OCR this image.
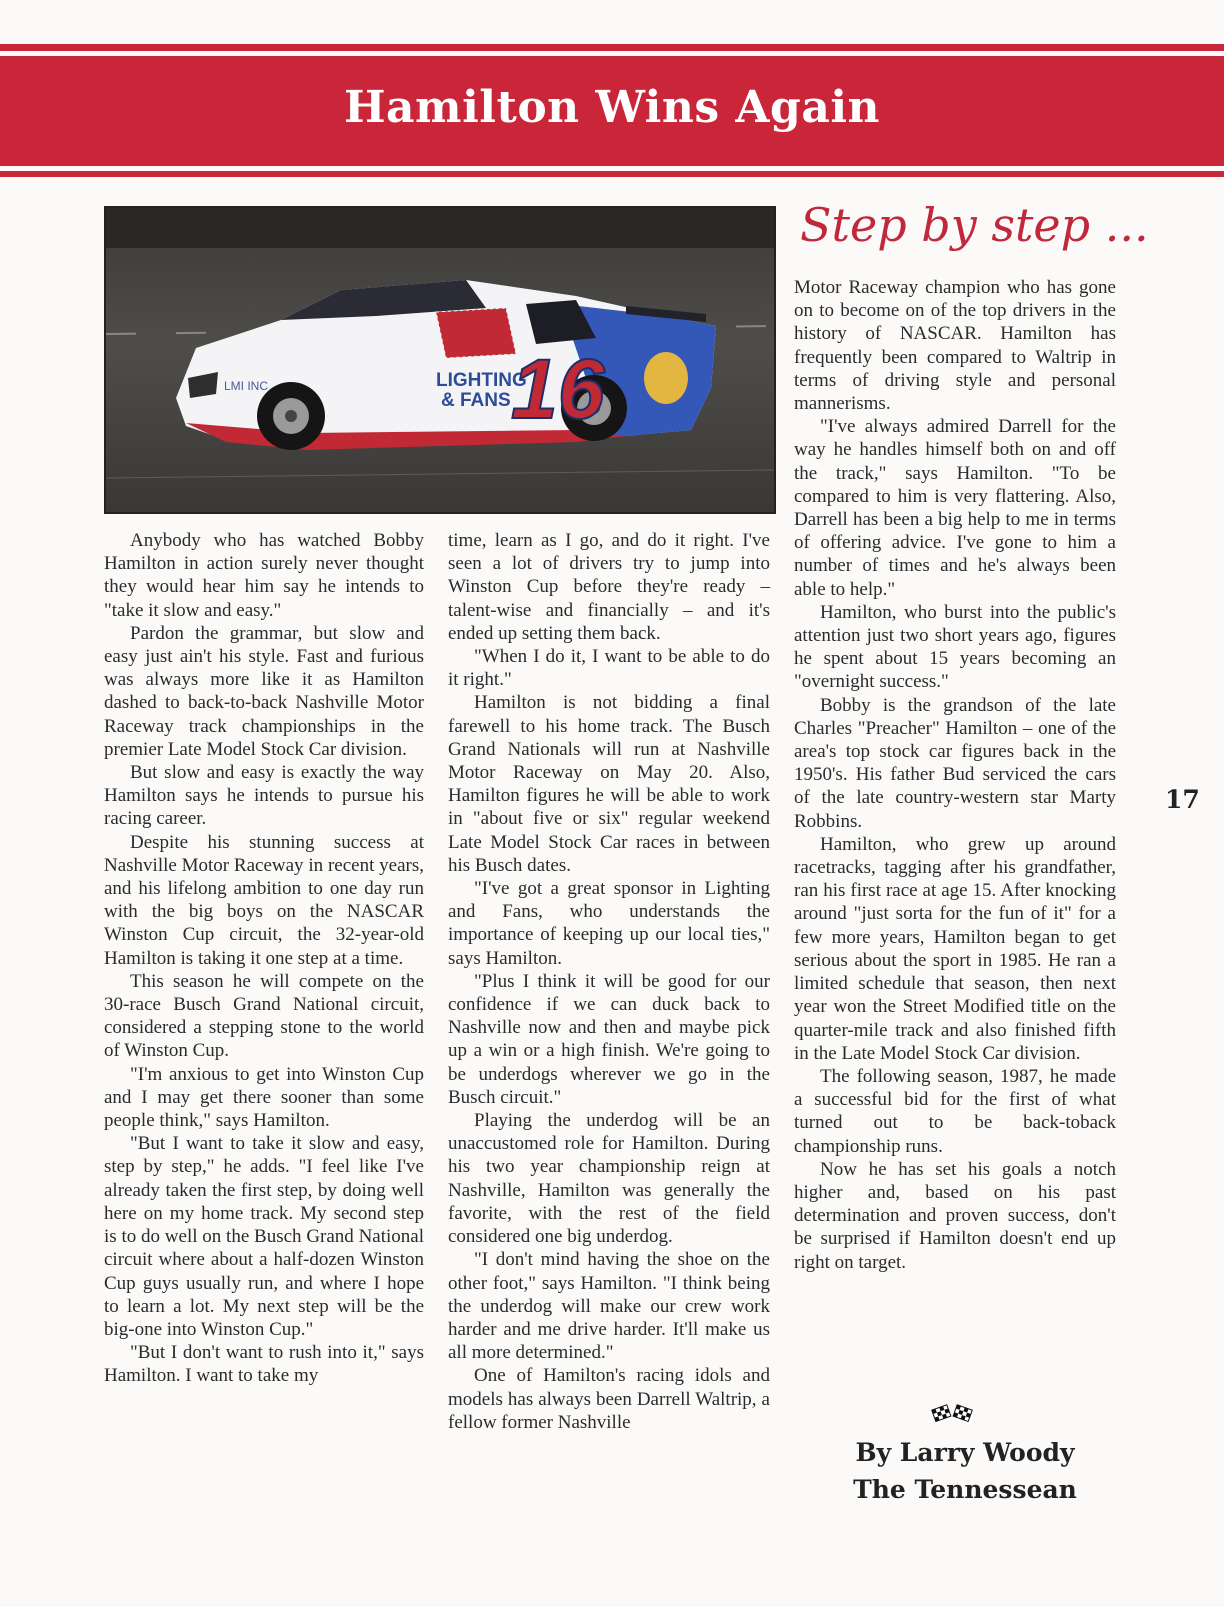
Hamilton Wins Again
LIGHTING
& FANS 16
LMI INC
Step by step ...

Anybody who has watched Bobby Hamilton in action surely never thought they would hear him say he intends to "take it slow and easy."

Pardon the grammar, but slow and easy just ain't his style. Fast and furious was always more like it as Hamilton dashed to back-to-back Nashville Motor Raceway track championships in the premier Late Model Stock Car division.

But slow and easy is exactly the way Hamilton says he intends to pursue his racing career.

Despite his stunning success at Nashville Motor Raceway in recent years, and his lifelong ambition to one day run with the big boys on the NASCAR Winston Cup circuit, the 32-year-old Hamilton is taking it one step at a time.

This season he will compete on the 30-race Busch Grand National circuit, considered a stepping stone to the world of Winston Cup.

"I'm anxious to get into Winston Cup and I may get there sooner than some people think," says Hamilton.

"But I want to take it slow and easy, step by step," he adds. "I feel like I've already taken the first step, by doing well here on my home track. My second step is to do well on the Busch Grand National circuit where about a half-dozen Winston Cup guys usually run, and where I hope to learn a lot. My next step will be the big-one into Winston Cup."

"But I don't want to rush into it," says Hamilton. I want to take my

time, learn as I go, and do it right. I've seen a lot of drivers try to jump into Winston Cup before they're ready – talent-wise and financially – and it's ended up setting them back.

"When I do it, I want to be able to do it right."

Hamilton is not bidding a final farewell to his home track. The Busch Grand Nationals will run at Nashville Motor Raceway on May 20. Also, Hamilton figures he will be able to work in "about five or six" regular weekend Late Model Stock Car races in between his Busch dates.

"I've got a great sponsor in Lighting and Fans, who understands the importance of keeping up our local ties," says Hamilton.

"Plus I think it will be good for our confidence if we can duck back to Nashville now and then and maybe pick up a win or a high finish. We're going to be underdogs wherever we go in the Busch circuit."

Playing the underdog will be an unaccustomed role for Hamilton. During his two year championship reign at Nashville, Hamilton was generally the favorite, with the rest of the field considered one big underdog.

"I don't mind having the shoe on the other foot," says Hamilton. "I think being the underdog will make our crew work harder and me drive harder. It'll make us all more determined."

One of Hamilton's racing idols and models has always been Darrell Waltrip, a fellow former Nashville

Motor Raceway champion who has gone on to become on of the top drivers in the history of NASCAR. Hamilton has frequently been compared to Waltrip in terms of driving style and personal mannerisms.

"I've always admired Darrell for the way he handles himself both on and off the track," says Hamilton. "To be compared to him is very flattering. Also, Darrell has been a big help to me in terms of offering advice. I've gone to him a number of times and he's always been able to help."

Hamilton, who burst into the public's attention just two short years ago, figures he spent about 15 years becoming an "overnight success."

Bobby is the grandson of the late Charles "Preacher" Hamilton – one of the area's top stock car figures back in the 1950's. His father Bud serviced the cars of the late country-western star Marty Robbins.

Hamilton, who grew up around racetracks, tagging after his grandfather, ran his first race at age 15. After knocking around "just sorta for the fun of it" for a few more years, Hamilton began to get serious about the sport in 1985. He ran a limited schedule that season, then next year won the Street Modified title on the quarter-mile track and also finished fifth in the Late Model Stock Car division.

The following season, 1987, he made a successful bid for the first of what turned out to be back-toback championship runs.

Now he has set his goals a notch higher and, based on his past determination and proven success, don't be surprised if Hamilton doesn't end up right on target.

17
By Larry Woody
The Tennessean
